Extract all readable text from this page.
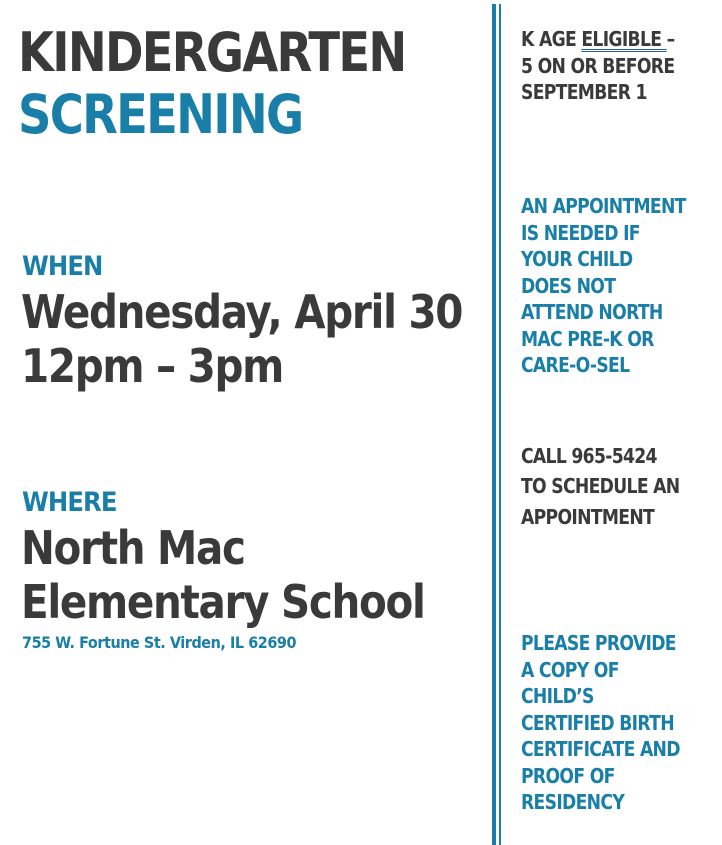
KINDERGARTEN
SCREENING
WHEN
Wednesday, April 30
12pm – 3pm
WHERE
North Mac
Elementary School
755 W. Fortune St. Virden, IL 62690
K AGE ELIGIBLE –
5 ON OR BEFORE
SEPTEMBER 1
AN APPOINTMENT
IS NEEDED IF
YOUR CHILD
DOES NOT
ATTEND NORTH
MAC PRE-K OR
CARE-O-SEL
CALL 965-5424
TO SCHEDULE AN
APPOINTMENT
PLEASE PROVIDE
A COPY OF
CHILD’S
CERTIFIED BIRTH
CERTIFICATE AND
PROOF OF
RESIDENCY
